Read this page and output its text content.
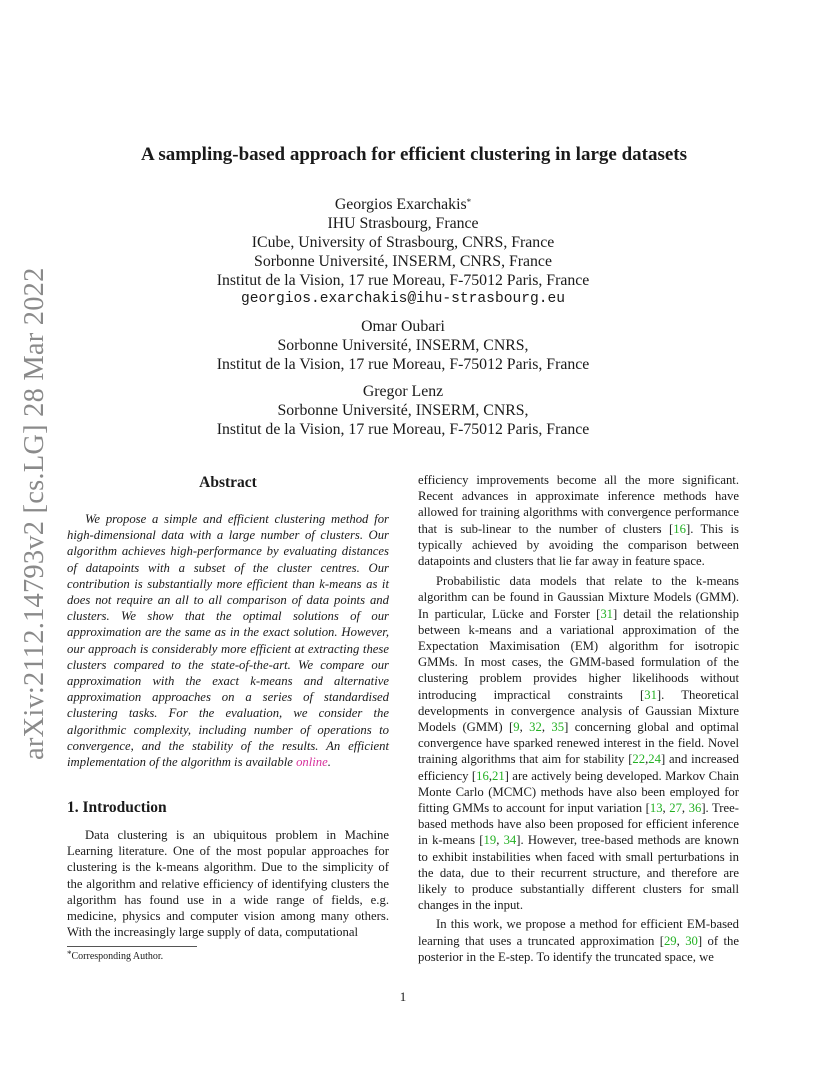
arXiv:2112.14793v2 [cs.LG] 28 Mar 2022
A sampling-based approach for efficient clustering in large datasets
Georgios Exarchakis*
IHU Strasbourg, France
ICube, University of Strasbourg, CNRS, France
Sorbonne Université, INSERM, CNRS, France
Institut de la Vision, 17 rue Moreau, F-75012 Paris, France
georgios.exarchakis@ihu-strasbourg.eu
Omar Oubari
Sorbonne Université, INSERM, CNRS,
Institut de la Vision, 17 rue Moreau, F-75012 Paris, France
Gregor Lenz
Sorbonne Université, INSERM, CNRS,
Institut de la Vision, 17 rue Moreau, F-75012 Paris, France
Abstract
We propose a simple and efficient clustering method for high-dimensional data with a large number of clusters. Our algorithm achieves high-performance by evaluating distances of datapoints with a subset of the cluster centres. Our contribution is substantially more efficient than k-means as it does not require an all to all comparison of data points and clusters. We show that the optimal solutions of our approximation are the same as in the exact solution. However, our approach is considerably more efficient at extracting these clusters compared to the state-of-the-art. We compare our approximation with the exact k-means and alternative approximation approaches on a series of standardised clustering tasks. For the evaluation, we consider the algorithmic complexity, including number of operations to convergence, and the stability of the results. An efficient implementation of the algorithm is available online.
1. Introduction
Data clustering is an ubiquitous problem in Machine Learning literature. One of the most popular approaches for clustering is the k-means algorithm. Due to the simplicity of the algorithm and relative efficiency of identifying clusters the algorithm has found use in a wide range of fields, e.g. medicine, physics and computer vision among many others. With the increasingly large supply of data, computational
*Corresponding Author.

efficiency improvements become all the more significant. Recent advances in approximate inference methods have allowed for training algorithms with convergence performance that is sub-linear to the number of clusters [16]. This is typically achieved by avoiding the comparison between datapoints and clusters that lie far away in feature space.

Probabilistic data models that relate to the k-means algorithm can be found in Gaussian Mixture Models (GMM). In particular, Lücke and Forster [31] detail the relationship between k-means and a variational approximation of the Expectation Maximisation (EM) algorithm for isotropic GMMs. In most cases, the GMM-based formulation of the clustering problem provides higher likelihoods without introducing impractical constraints [31]. Theoretical developments in convergence analysis of Gaussian Mixture Models (GMM) [9, 32, 35] concerning global and optimal convergence have sparked renewed interest in the field. Novel training algorithms that aim for stability [22,24] and increased efficiency [16,21] are actively being developed. Markov Chain Monte Carlo (MCMC) methods have also been employed for fitting GMMs to account for input variation [13, 27, 36]. Tree-based methods have also been proposed for efficient inference in k-means [19, 34]. However, tree-based methods are known to exhibit instabilities when faced with small perturbations in the data, due to their recurrent structure, and therefore are likely to produce substantially different clusters for small changes in the input.

In this work, we propose a method for efficient EM-based learning that uses a truncated approximation [29, 30] of the posterior in the E-step. To identify the truncated space, we

1
